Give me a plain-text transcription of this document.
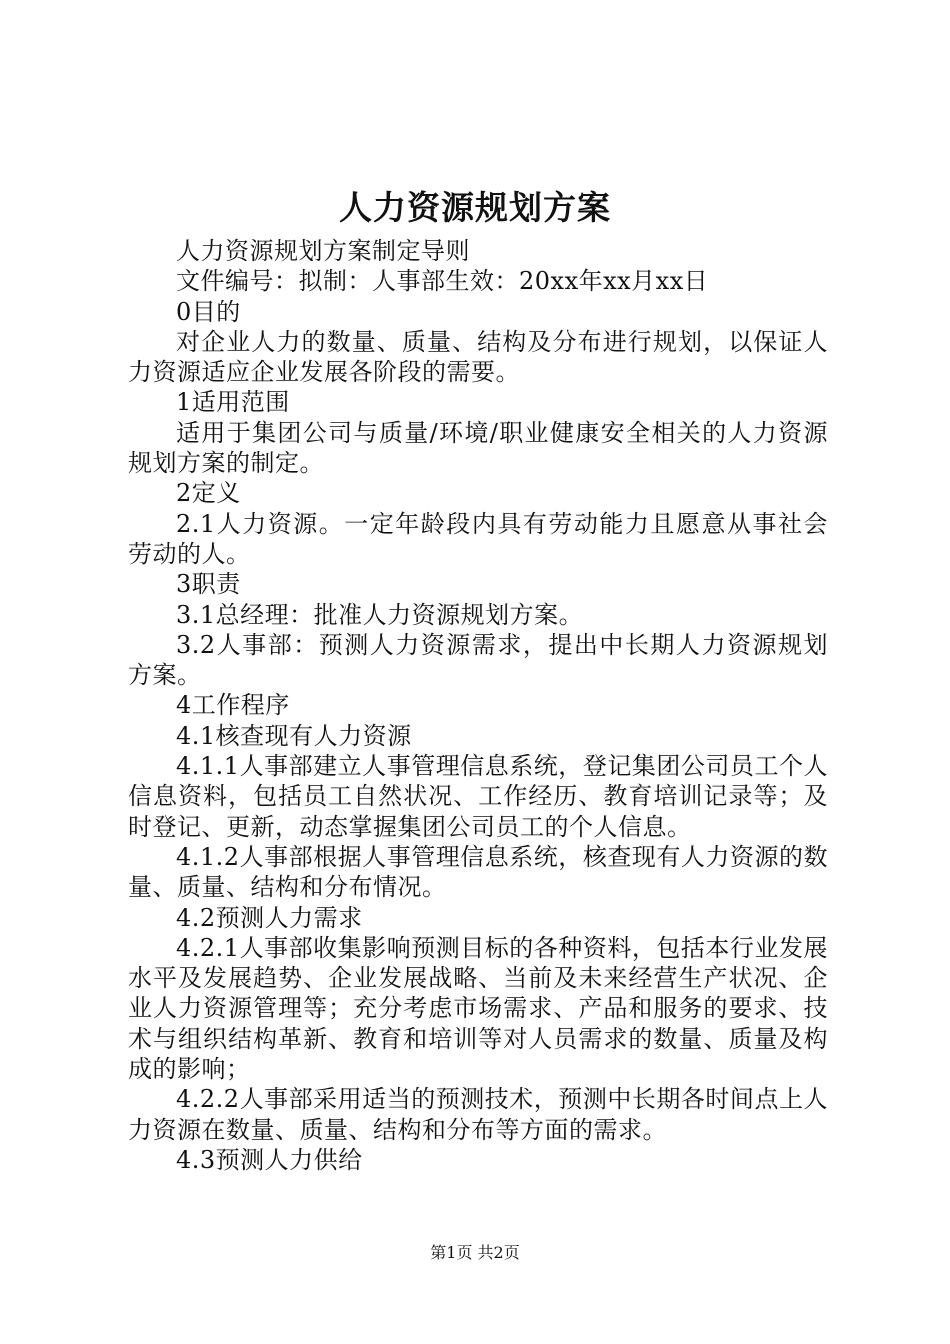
人力资源规划方案

人力资源规划方案制定导则

文件编号：拟制：人事部生效：20xx年xx月xx日

0目的

对企业人力的数量、质量、结构及分布进行规划，以保证人力资源适应企业发展各阶段的需要。

1适用范围

适用于集团公司与质量/环境/职业健康安全相关的人力资源规划方案的制定。

2定义

2.1人力资源。一定年龄段内具有劳动能力且愿意从事社会劳动的人。

3职责

3.1总经理：批准人力资源规划方案。

3.2人事部：预测人力资源需求，提出中长期人力资源规划方案。

4工作程序

4.1核查现有人力资源

4.1.1人事部建立人事管理信息系统，登记集团公司员工个人信息资料，包括员工自然状况、工作经历、教育培训记录等；及时登记、更新，动态掌握集团公司员工的个人信息。

4.1.2人事部根据人事管理信息系统，核查现有人力资源的数量、质量、结构和分布情况。

4.2预测人力需求

4.2.1人事部收集影响预测目标的各种资料，包括本行业发展水平及发展趋势、企业发展战略、当前及未来经营生产状况、企业人力资源管理等；充分考虑市场需求、产品和服务的要求、技术与组织结构革新、教育和培训等对人员需求的数量、质量及构成的影响；

4.2.2人事部采用适当的预测技术，预测中长期各时间点上人力资源在数量、质量、结构和分布等方面的需求。

4.3预测人力供给

第1页 共2页
